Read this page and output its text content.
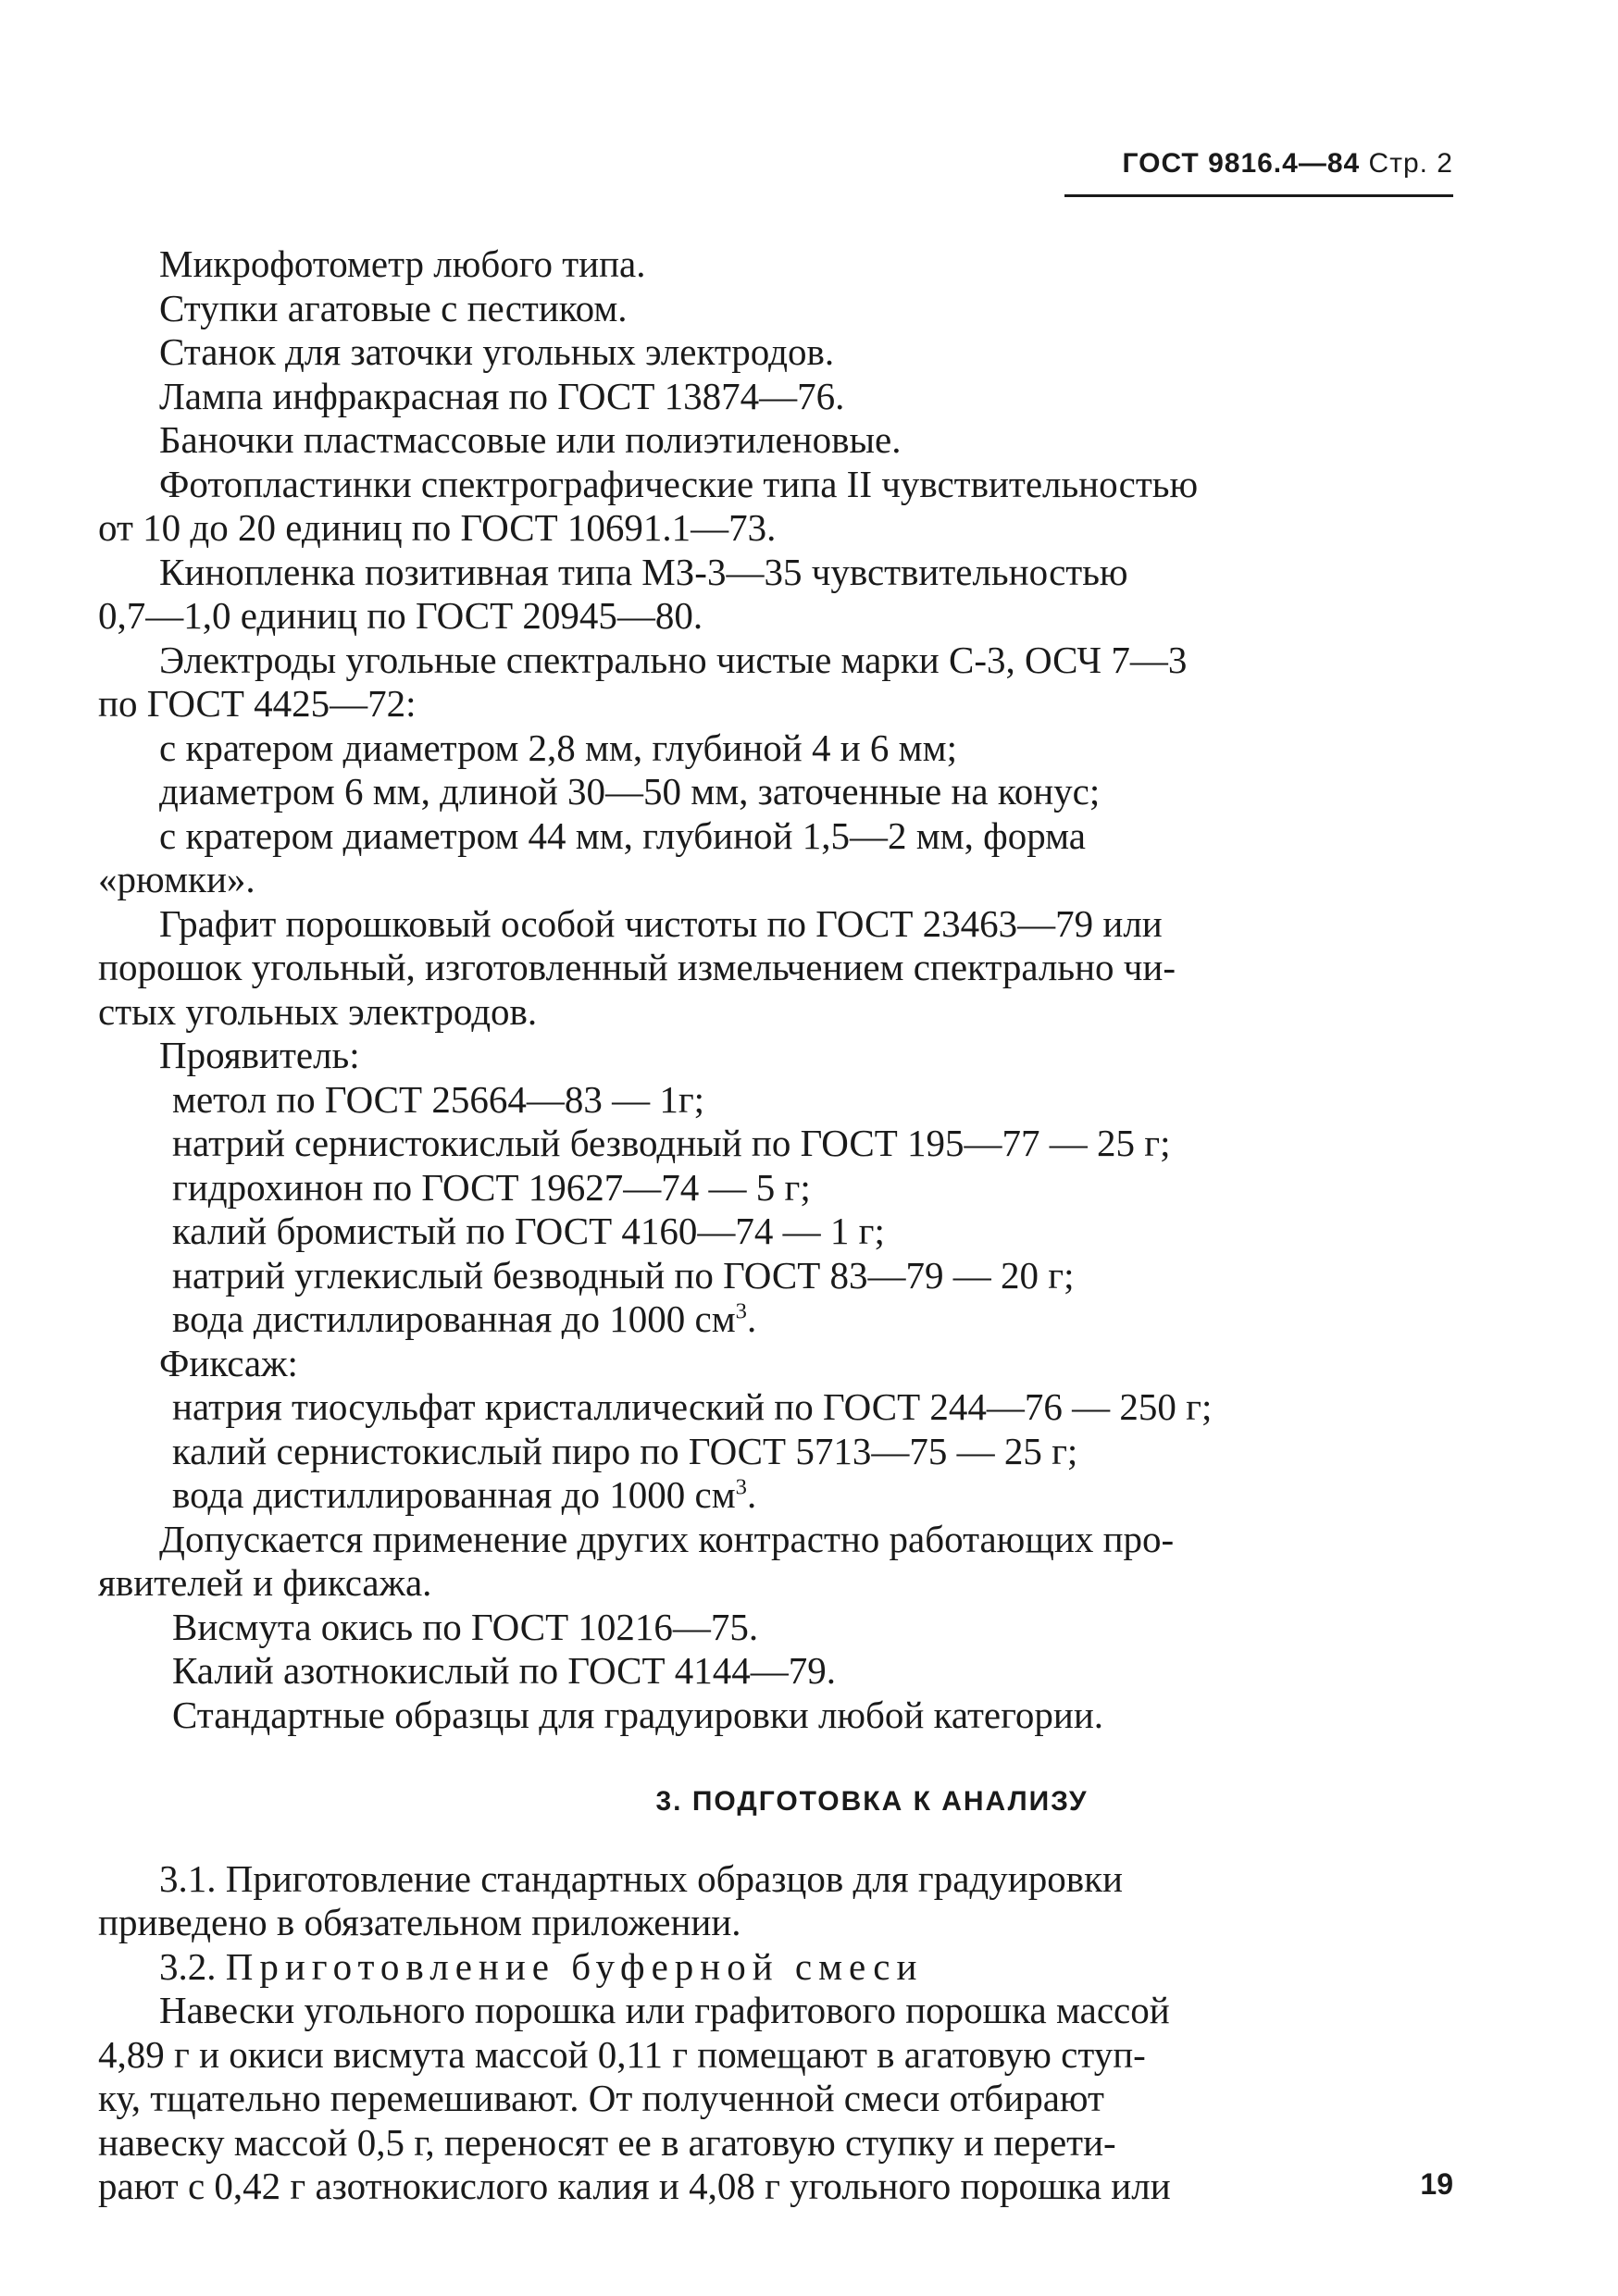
ГОСТ 9816.4—84 Стр. 2
Микрофотометр любого типа.
Ступки агатовые с пестиком.
Станок для заточки угольных электродов.
Лампа инфракрасная по ГОСТ 13874—76.
Баночки пластмассовые или полиэтиленовые.
Фотопластинки спектрографические типа II чувствительностью
от 10 до 20 единиц по ГОСТ 10691.1—73.
Кинопленка позитивная типа МЗ-3—35 чувствительностью
0,7—1,0 единиц по ГОСТ 20945—80.
Электроды угольные спектрально чистые марки С-3, ОСЧ 7—3
по ГОСТ 4425—72:
с кратером диаметром 2,8 мм, глубиной 4 и 6 мм;
диаметром 6 мм, длиной 30—50 мм, заточенные на конус;
с кратером диаметром 44 мм, глубиной 1,5—2 мм, форма
«рюмки».
Графит порошковый особой чистоты по ГОСТ 23463—79 или
порошок угольный, изготовленный измельчением спектрально чи-
стых угольных электродов.
Проявитель:
метол по ГОСТ 25664—83 — 1г;
натрий сернистокислый безводный по ГОСТ 195—77 — 25 г;
гидрохинон по ГОСТ 19627—74 — 5 г;
калий бромистый по ГОСТ 4160—74 — 1 г;
натрий углекислый безводный по ГОСТ 83—79 — 20 г;
вода дистиллированная до 1000 $см^3$.
Фиксаж:
натрия тиосульфат кристаллический по ГОСТ 244—76 — 250 г;
калий сернистокислый пиро по ГОСТ 5713—75 — 25 г;
вода дистиллированная до 1000 $см^3$.
Допускается применение других контрастно работающих про-
явителей и фиксажа.
Висмута окись по ГОСТ 10216—75.
Калий азотнокислый по ГОСТ 4144—79.
Стандартные образцы для градуировки любой категории.
3. ПОДГОТОВКА К АНАЛИЗУ
3.1. Приготовление стандартных образцов для градуировки
приведено в обязательном приложении.
3.2. Приготовление буферной смеси
Навески угольного порошка или графитового порошка массой
4,89 г и окиси висмута массой 0,11 г помещают в агатовую ступ-
ку, тщательно перемешивают. От полученной смеси отбирают
навеску массой 0,5 г, переносят ее в агатовую ступку и перети-
рают с 0,42 г азотнокислого калия и 4,08 г угольного порошка или	19
